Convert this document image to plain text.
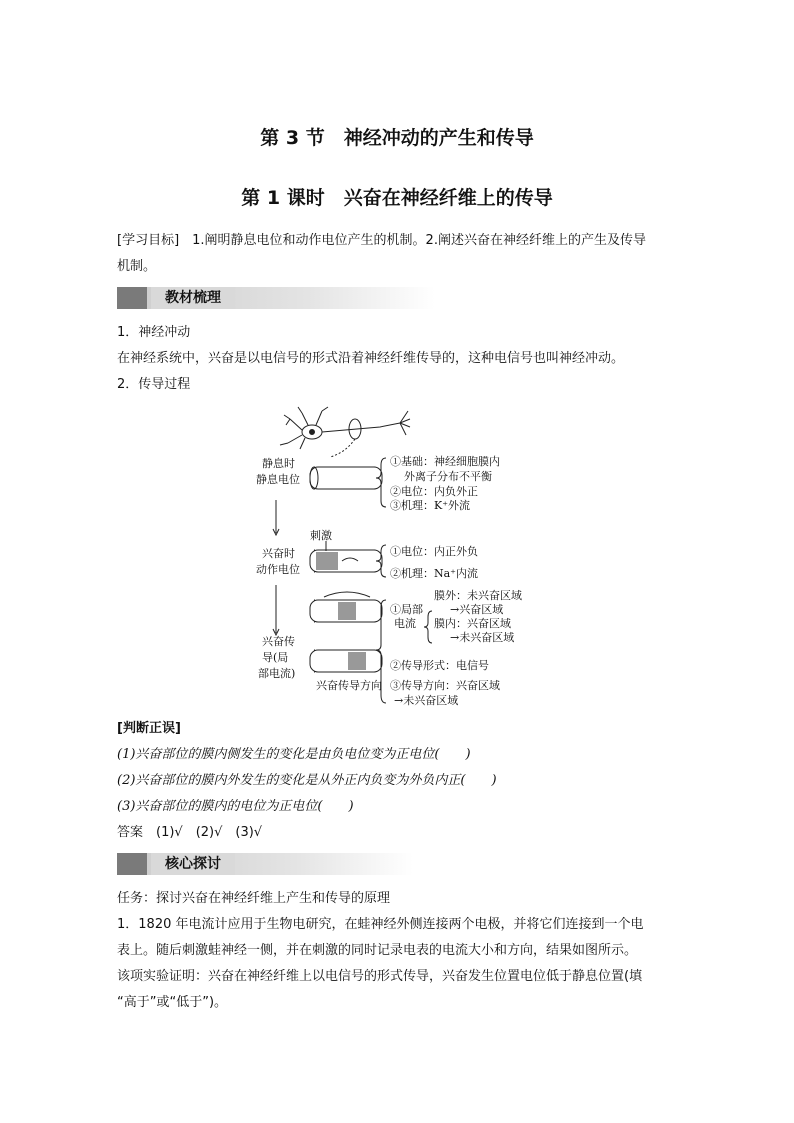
第 3 节　神经冲动的产生和传导
第 1 课时　兴奋在神经纤维上的传导
[学习目标]　1.阐明静息电位和动作电位产生的机制。2.阐述兴奋在神经纤维上的产生及传导
机制。
教材梳理
1．神经冲动
在神经系统中，兴奋是以电信号的形式沿着神经纤维传导的，这种电信号也叫神经冲动。
2．传导过程
静息时
静息电位
刺激
兴奋时
动作电位
兴奋传
导(局
部电流)
①基础：神经细胞膜内
外离子分布不平衡
②电位：内负外正
③机理：K⁺外流
①电位：内正外负
②机理：Na⁺内流
①局部
电流
膜外：未兴奋区域
→兴奋区域
膜内：兴奋区域
→未兴奋区域
②传导形式：电信号
③传导方向：兴奋区域
→未兴奋区域
兴奋传导方向
[判断正误]
(1)兴奋部位的膜内侧发生的变化是由负电位变为正电位(　　)
(2)兴奋部位的膜内外发生的变化是从外正内负变为外负内正(　　)
(3)兴奋部位的膜内的电位为正电位(　　)
答案　(1)√　(2)√　(3)√
核心探讨
任务：探讨兴奋在神经纤维上产生和传导的原理
1．1820 年电流计应用于生物电研究，在蛙神经外侧连接两个电极，并将它们连接到一个电
表上。随后刺激蛙神经一侧，并在刺激的同时记录电表的电流大小和方向，结果如图所示。
该项实验证明：兴奋在神经纤维上以电信号的形式传导，兴奋发生位置电位低于静息位置(填
“高于”或“低于”)。
